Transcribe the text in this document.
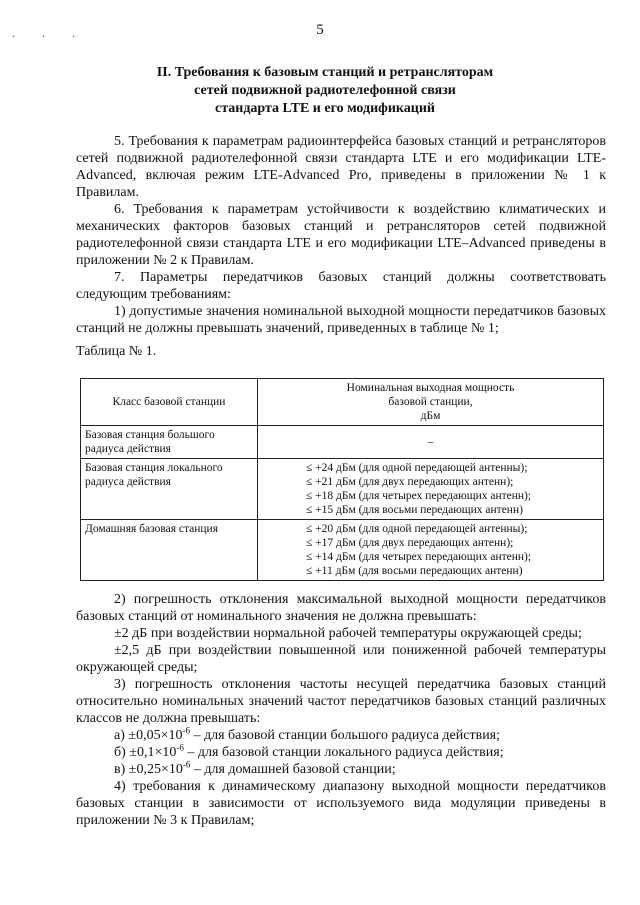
5
. . .
II. Требования к базовым станций и ретрансляторам
сетей подвижной радиотелефонной связи
стандарта LTE и его модификаций

5. Требования к параметрам радиоинтерфейса базовых станций и ретрансляторов сетей подвижной радиотелефонной связи стандарта LTE и его модификации LTE-Advanced, включая режим LTE-Advanced Pro, приведены в приложении № 1 к Правилам.

6. Требования к параметрам устойчивости к воздействию климатических и механических факторов базовых станций и ретрансляторов сетей подвижной радиотелефонной связи стандарта LTE и его модификации LTE–Advanced приведены в приложении № 2 к Правилам.

7. Параметры передатчиков базовых станций должны соответствовать следующим требованиям:

1) допустимые значения номинальной выходной мощности передатчиков базовых станций не должны превышать значений, приведенных в таблице № 1;

Таблица № 1.

Класс базовой станции	Номинальная выходная мощность
базовой станции,
дБм

Базовая станция большого радиуса действия	–
Базовая станция локального радиуса действия	≤ +24 дБм (для одной передающей антенны);
≤ +21 дБм (для двух передающих антенн);
≤ +18 дБм (для четырех передающих антенн);
≤ +15 дБм (для восьми передающих антенн)

Домашняя базовая станция	≤ +20 дБм (для одной передающей антенны);
≤ +17 дБм (для двух передающих антенн);
≤ +14 дБм (для четырех передающих антенн);
≤ +11 дБм (для восьми передающих антенн)

2) погрешность отклонения максимальной выходной мощности передатчиков базовых станций от номинального значения не должна превышать:

±2 дБ при воздействии нормальной рабочей температуры окружающей среды;

±2,5 дБ при воздействии повышенной или пониженной рабочей температуры окружающей среды;

3) погрешность отклонения частоты несущей передатчика базовых станций относительно номинальных значений частот передатчиков базовых станций различных классов не должна превышать:

$а) \pm 0,05\times 10^{-6}$ – для базовой станции большого радиуса действия;

$б) \pm 0,1\times 10^{-6}$ – для базовой станции локального радиуса действия;

$в) \pm 0,25\times 10^{-6}$ – для домашней базовой станции;

4) требования к динамическому диапазону выходной мощности передатчиков базовых станции в зависимости от используемого вида модуляции приведены в приложении № 3 к Правилам;
